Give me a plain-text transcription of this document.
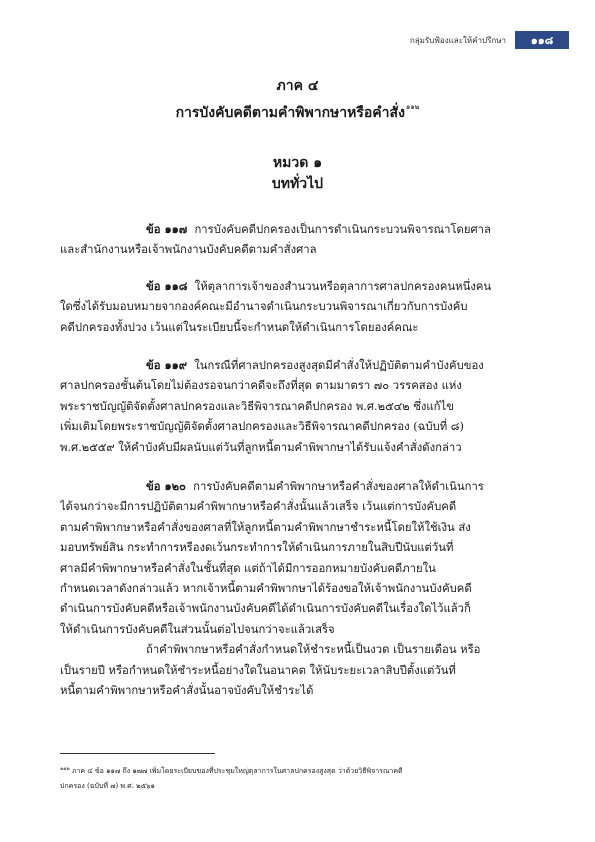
กลุ่มรับฟ้องและให้คำปรึกษา	๑๑๘
ภาค ๔
การบังคับคดีตามคำพิพากษาหรือคำสั่ง$^{๑๑๒}$
หมวด ๑
บททั่วไป
ข้อ ๑๑๗ การบังคับคดีปกครองเป็นการดำเนินกระบวนพิจารณาโดยศาล
และสำนักงานหรือเจ้าพนักงานบังคับคดีตามคำสั่งศาล
ข้อ ๑๑๘ ให้ตุลาการเจ้าของสำนวนหรือตุลาการศาลปกครองคนหนึ่งคน
ใดซึ่งได้รับมอบหมายจากองค์คณะมีอำนาจดำเนินกระบวนพิจารณาเกี่ยวกับการบังคับ
คดีปกครองทั้งปวง เว้นแต่ในระเบียบนี้จะกำหนดให้ดำเนินการโดยองค์คณะ
ข้อ ๑๑๙ ในกรณีที่ศาลปกครองสูงสุดมีคำสั่งให้ปฏิบัติตามคำบังคับของ
ศาลปกครองชั้นต้นโดยไม่ต้องรอจนกว่าคดีจะถึงที่สุด ตามมาตรา ๗๐ วรรคสอง แห่ง
พระราชบัญญัติจัดตั้งศาลปกครองและวิธีพิจารณาคดีปกครอง พ.ศ.๒๕๔๒ ซึ่งแก้ไข
เพิ่มเติมโดยพระราชบัญญัติจัดตั้งศาลปกครองและวิธีพิจารณาคดีปกครอง (ฉบับที่ ๘)
พ.ศ.๒๕๕๙ ให้คำบังคับมีผลนับแต่วันที่ลูกหนี้ตามคำพิพากษาได้รับแจ้งคำสั่งดังกล่าว
ข้อ ๑๒๐ การบังคับคดีตามคำพิพากษาหรือคำสั่งของศาลให้ดำเนินการ
ได้จนกว่าจะมีการปฏิบัติตามคำพิพากษาหรือคำสั่งนั้นแล้วเสร็จ เว้นแต่การบังคับคดี
ตามคำพิพากษาหรือคำสั่งของศาลที่ให้ลูกหนี้ตามคำพิพากษาชำระหนี้โดยให้ใช้เงิน ส่ง
มอบทรัพย์สิน กระทำการหรืองดเว้นกระทำการให้ดำเนินการภายในสิบปีนับแต่วันที่
ศาลมีคำพิพากษาหรือคำสั่งในชั้นที่สุด แต่ถ้าได้มีการออกหมายบังคับคดีภายใน
กำหนดเวลาดังกล่าวแล้ว หากเจ้าหนี้ตามคำพิพากษาได้ร้องขอให้เจ้าพนักงานบังคับคดี
ดำเนินการบังคับคดีหรือเจ้าพนักงานบังคับคดีได้ดำเนินการบังคับคดีในเรื่องใดไว้แล้วก็
ให้ดำเนินการบังคับคดีในส่วนนั้นต่อไปจนกว่าจะแล้วเสร็จ
ถ้าคำพิพากษาหรือคำสั่งกำหนดให้ชำระหนี้เป็นงวด เป็นรายเดือน หรือ
เป็นรายปี หรือกำหนดให้ชำระหนี้อย่างใดในอนาคต ให้นับระยะเวลาสิบปีตั้งแต่วันที่
หนี้ตามคำพิพากษาหรือคำสั่งนั้นอาจบังคับให้ชำระได้
$^{๑๑๒}$ ภาค ๔ ข้อ ๑๑๗ ถึง ๑๗๗ เพิ่มโดยระเบียบของที่ประชุมใหญ่ตุลาการในศาลปกครองสูงสุด ว่าด้วยวิธีพิจารณาคดี
ปกครอง (ฉบับที่ ๗) พ.ศ. ๒๕๖๑
